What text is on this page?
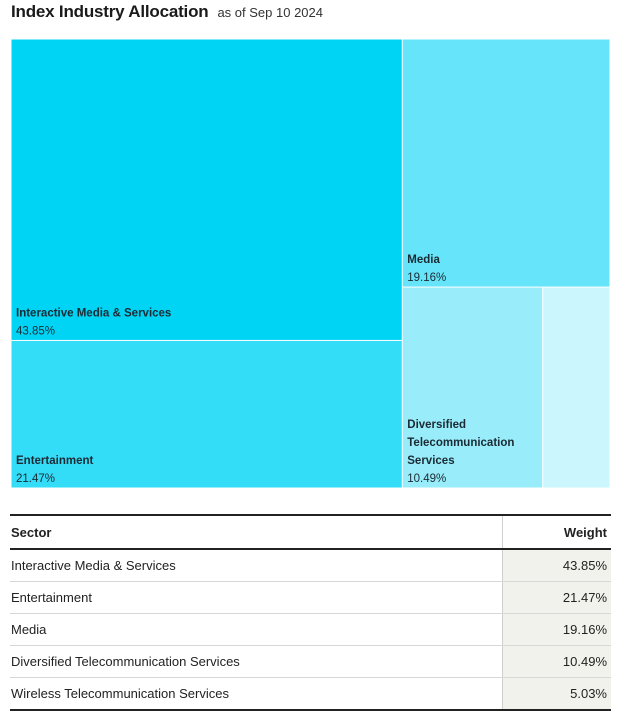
Index Industry Allocation as of Sep 10 2024
Interactive Media & Services
43.85%
Entertainment
21.47%
Media
19.16%
Diversified
Telecommunication
Services
10.49%
Sector	Weight
Interactive Media & Services	43.85%
Entertainment	21.47%
Media	19.16%
Diversified Telecommunication Services	10.49%
Wireless Telecommunication Services	5.03%
